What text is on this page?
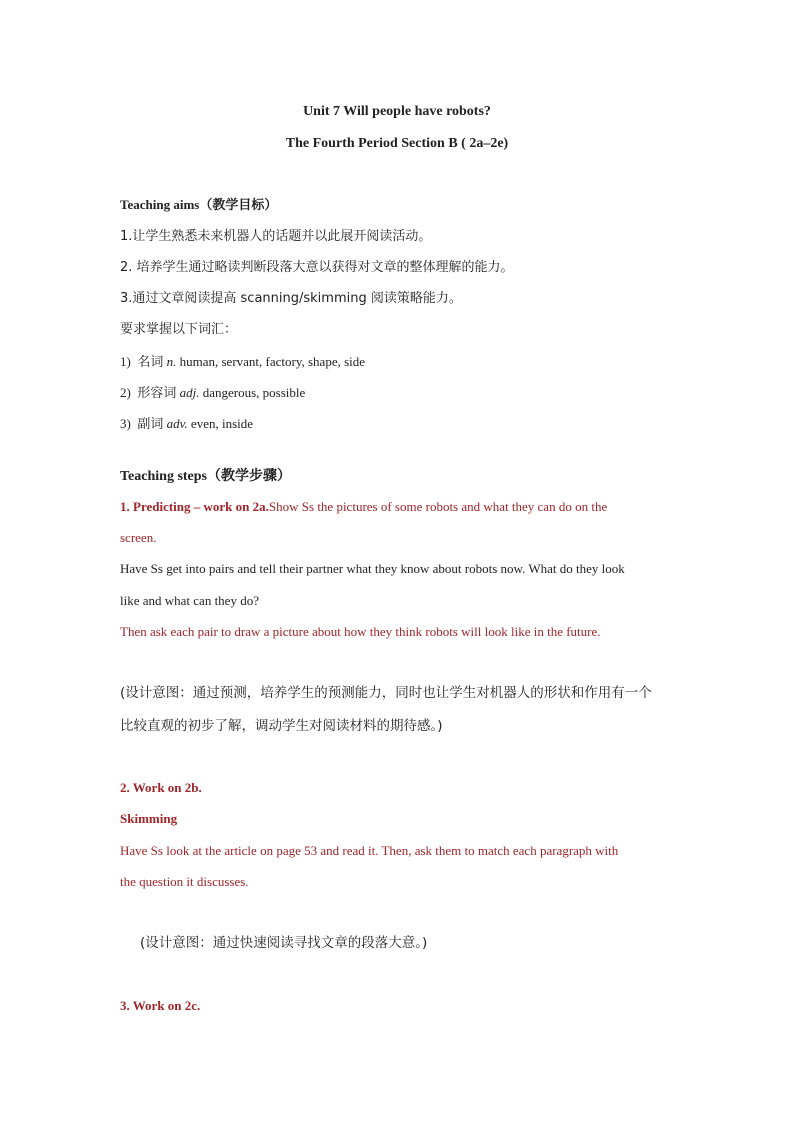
Unit 7 Will people have robots?
The Fourth Period Section B ( 2a–2e)
Teaching aims（教学目标）
1.让学生熟悉未来机器人的话题并以此展开阅读活动。
2. 培养学生通过略读判断段落大意以获得对文章的整体理解的能力。
3.通过文章阅读提高 scanning/skimming 阅读策略能力。
要求掌握以下词汇：
1) 名词 n. human, servant, factory, shape, side
2) 形容词 adj. dangerous, possible
3) 副词 adv. even, inside
Teaching steps（教学步骤）
1. Predicting – work on 2a.Show Ss the pictures of some robots and what they can do on the
screen.
Have Ss get into pairs and tell their partner what they know about robots now. What do they look
like and what can they do?
Then ask each pair to draw a picture about how they think robots will look like in the future.
(设计意图：通过预测，培养学生的预测能力，同时也让学生对机器人的形状和作用有一个
比较直观的初步了解，调动学生对阅读材料的期待感。)
2. Work on 2b.
Skimming
Have Ss look at the article on page 53 and read it. Then, ask them to match each paragraph with
the question it discusses.
(设计意图：通过快速阅读寻找文章的段落大意。)
3. Work on 2c.
